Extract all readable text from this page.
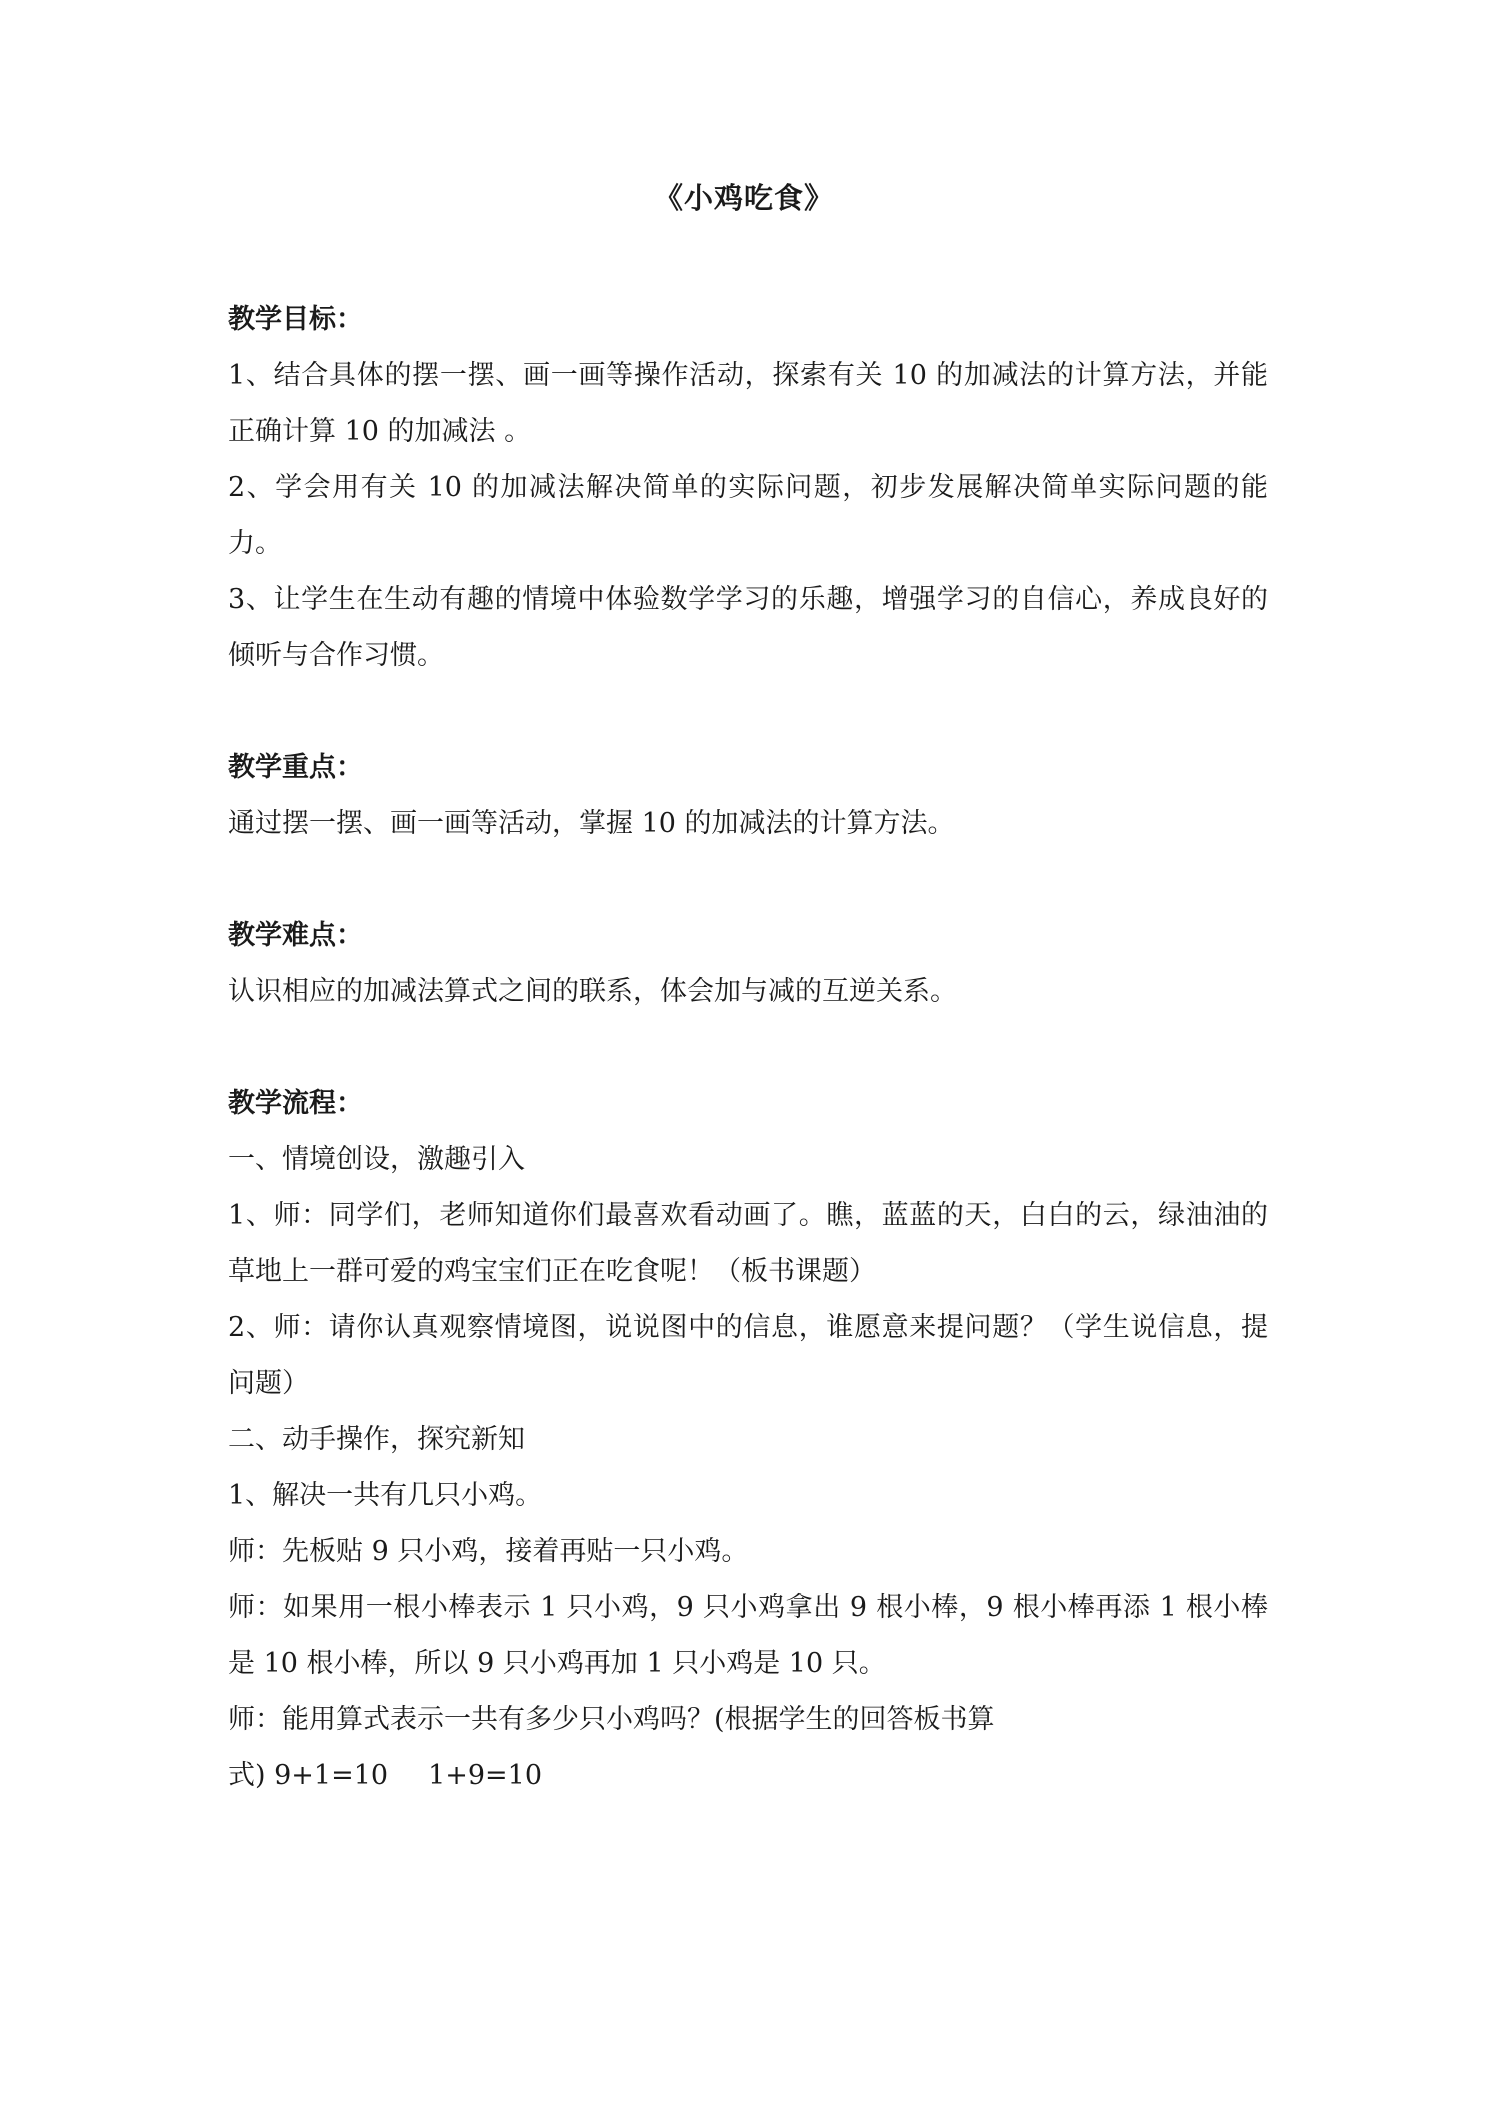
《小鸡吃食》

教学目标：

1、结合具体的摆一摆、画一画等操作活动，探索有关 10 的加减法的计算方法，并能正确计算 10 的加减法 。

2、学会用有关 10 的加减法解决简单的实际问题，初步发展解决简单实际问题的能力。

3、让学生在生动有趣的情境中体验数学学习的乐趣，增强学习的自信心，养成良好的倾听与合作习惯。

教学重点：

通过摆一摆、画一画等活动，掌握 10 的加减法的计算方法。

教学难点：

认识相应的加减法算式之间的联系，体会加与减的互逆关系。

教学流程：

一、情境创设，激趣引入

1、师：同学们，老师知道你们最喜欢看动画了。瞧，蓝蓝的天，白白的云，绿油油的草地上一群可爱的鸡宝宝们正在吃食呢！（板书课题）

2、师：请你认真观察情境图，说说图中的信息，谁愿意来提问题？（学生说信息，提问题）

二、动手操作，探究新知

1、解决一共有几只小鸡。

师：先板贴 9 只小鸡，接着再贴一只小鸡。

师：如果用一根小棒表示 1 只小鸡，9 只小鸡拿出 9 根小棒，9 根小棒再添 1 根小棒是 10 根小棒，所以 9 只小鸡再加 1 只小鸡是 10 只。

师：能用算式表示一共有多少只小鸡吗？(根据学生的回答板书算

式) 9+1=10 1+9=10
